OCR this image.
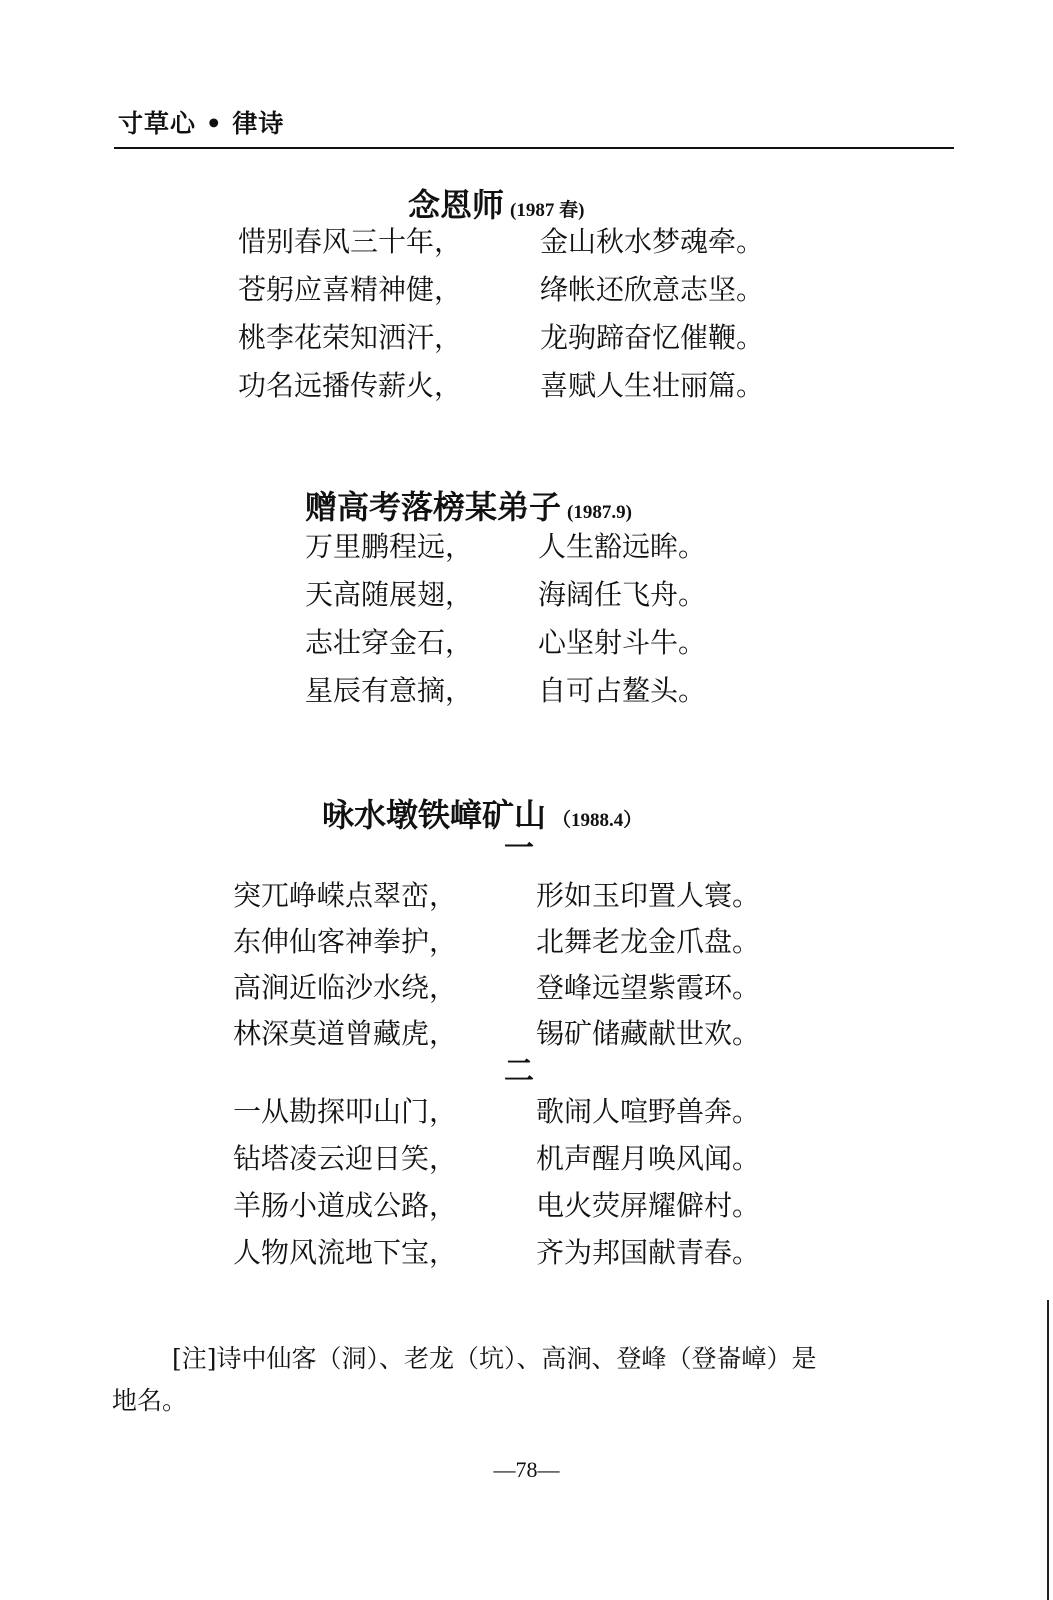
寸草心 • 律诗
念恩师 (1987 春)
惜别春风三十年，	金山秋水梦魂牵。
苍躬应喜精神健，	绛帐还欣意志坚。
桃李花荣知洒汗，	龙驹蹄奋忆催鞭。
功名远播传薪火，	喜赋人生壮丽篇。
赠高考落榜某弟子 (1987.9)
万里鹏程远， 人生豁远眸。
天高随展翅， 海阔任飞舟。
志壮穿金石， 心坚射斗牛。
星辰有意摘， 自可占鳌头。
咏水墩铁嶂矿山 （1988.4）
一
突兀峥嵘点翠峦，	形如玉印置人寰。
东伸仙客神拳护，	北舞老龙金爪盘。
高涧近临沙水绕，	登峰远望紫霞环。
林深莫道曾藏虎，	锡矿储藏献世欢。
二
一从勘探叩山门，	歌闹人喧野兽奔。
钻塔凌云迎日笑，	机声醒月唤风闻。
羊肠小道成公路，	电火荧屏耀僻村。
人物风流地下宝，	齐为邦国献青春。
[注]诗中仙客（洞）、老龙（坑）、高涧、登峰（登崙嶂）是
地名。
—78—
